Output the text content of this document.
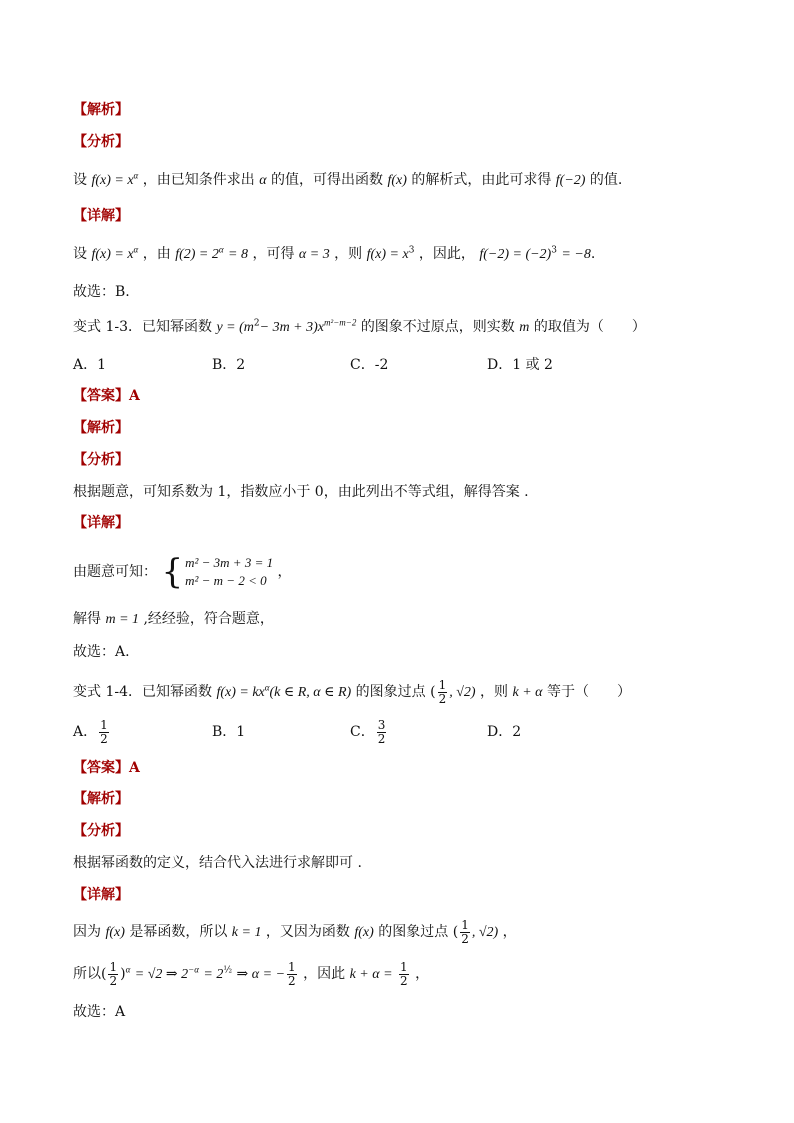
【解析】
【分析】
设 $f(x) = x^\alpha$ ，由已知条件求出 α 的值，可得出函数 f(x) 的解析式，由此可求得 f(−2) 的值.
【详解】
设 $f(x) = x^\alpha$ ，由 $f(2) = 2^\alpha = 8$ ，可得 α = 3 ，则 $f(x) = x^3$ ，因此， $f(-2) = (-2)^3 = -8$.
故选：B.
变式 1-3．已知幂函数 $y = (m^2- 3m + 3)x^{m^2-m-2}$ 的图象不过原点，则实数 m 的取值为（　　）
A．1	B．2	C．-2	D．1 或 2
【答案】A
【解析】
【分析】
根据题意，可知系数为 1，指数应小于 0，由此列出不等式组，解得答案 .
【详解】
由题意可知： { m² − 3m + 3 = 1
m² − m − 2 < 0
，
解得 m = 1 ,经经验，符合题意，
故选：A.
变式 1-4．已知幂函数 $f(x) = kx^\alpha(k$ ∈ R, α ∈ R) 的图象过点 ( $\frac{1}{2}$ , √2) ，则 k + α 等于（　　）
A． $\frac{1}{2}$	B．1	C． $\frac{3}{2}$	D．2
【答案】A
【解析】
【分析】
根据幂函数的定义，结合代入法进行求解即可 .
【详解】
因为 f(x) 是幂函数，所以 k = 1 ，又因为函数 f(x) 的图象过点 ( $\frac{1}{2}$ , √2) ，
所以( $\frac{1}{2} )^\alpha = √2$ ⇒ $2^{-\alpha} = 2^{\frac{1}{2}}$ ⇒ α = − $\frac{1}{2}$ ，因此 $k + \alpha = \frac{1}{2}$ ，
故选：A
